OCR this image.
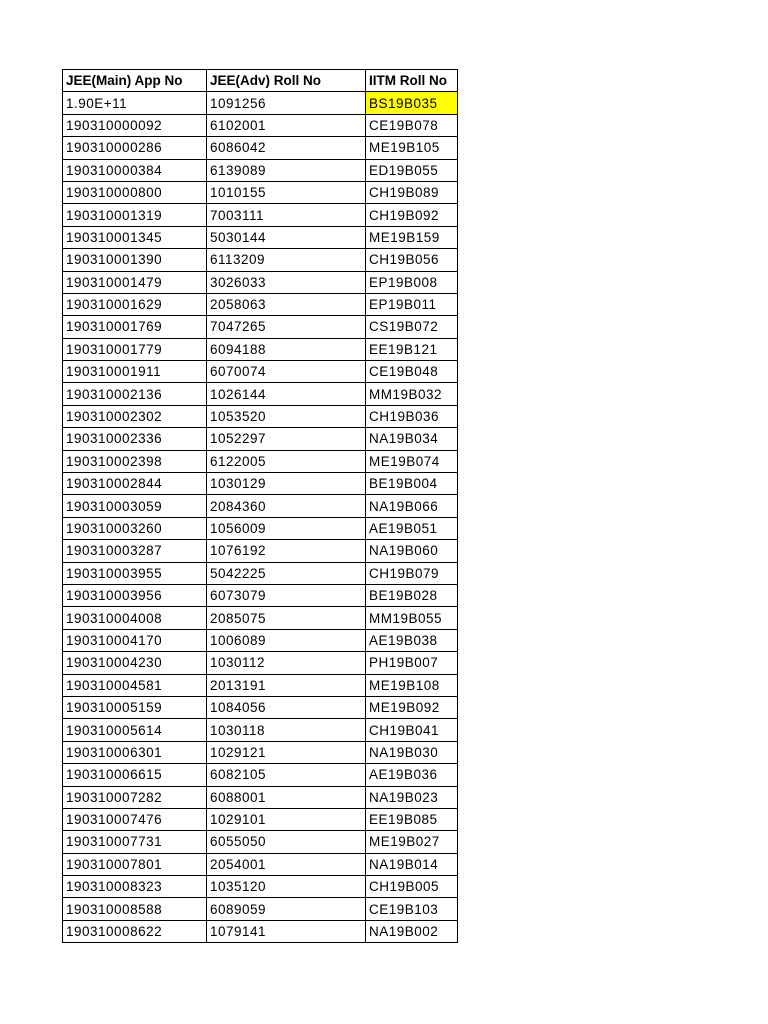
JEE(Main) App No	JEE(Adv) Roll No	IITM Roll No
1.90E+11	1091256	BS19B035
190310000092	6102001	CE19B078
190310000286	6086042	ME19B105
190310000384	6139089	ED19B055
190310000800	1010155	CH19B089
190310001319	7003111	CH19B092
190310001345	5030144	ME19B159
190310001390	6113209	CH19B056
190310001479	3026033	EP19B008
190310001629	2058063	EP19B011
190310001769	7047265	CS19B072
190310001779	6094188	EE19B121
190310001911	6070074	CE19B048
190310002136	1026144	MM19B032
190310002302	1053520	CH19B036
190310002336	1052297	NA19B034
190310002398	6122005	ME19B074
190310002844	1030129	BE19B004
190310003059	2084360	NA19B066
190310003260	1056009	AE19B051
190310003287	1076192	NA19B060
190310003955	5042225	CH19B079
190310003956	6073079	BE19B028
190310004008	2085075	MM19B055
190310004170	1006089	AE19B038
190310004230	1030112	PH19B007
190310004581	2013191	ME19B108
190310005159	1084056	ME19B092
190310005614	1030118	CH19B041
190310006301	1029121	NA19B030
190310006615	6082105	AE19B036
190310007282	6088001	NA19B023
190310007476	1029101	EE19B085
190310007731	6055050	ME19B027
190310007801	2054001	NA19B014
190310008323	1035120	CH19B005
190310008588	6089059	CE19B103
190310008622	1079141	NA19B002
